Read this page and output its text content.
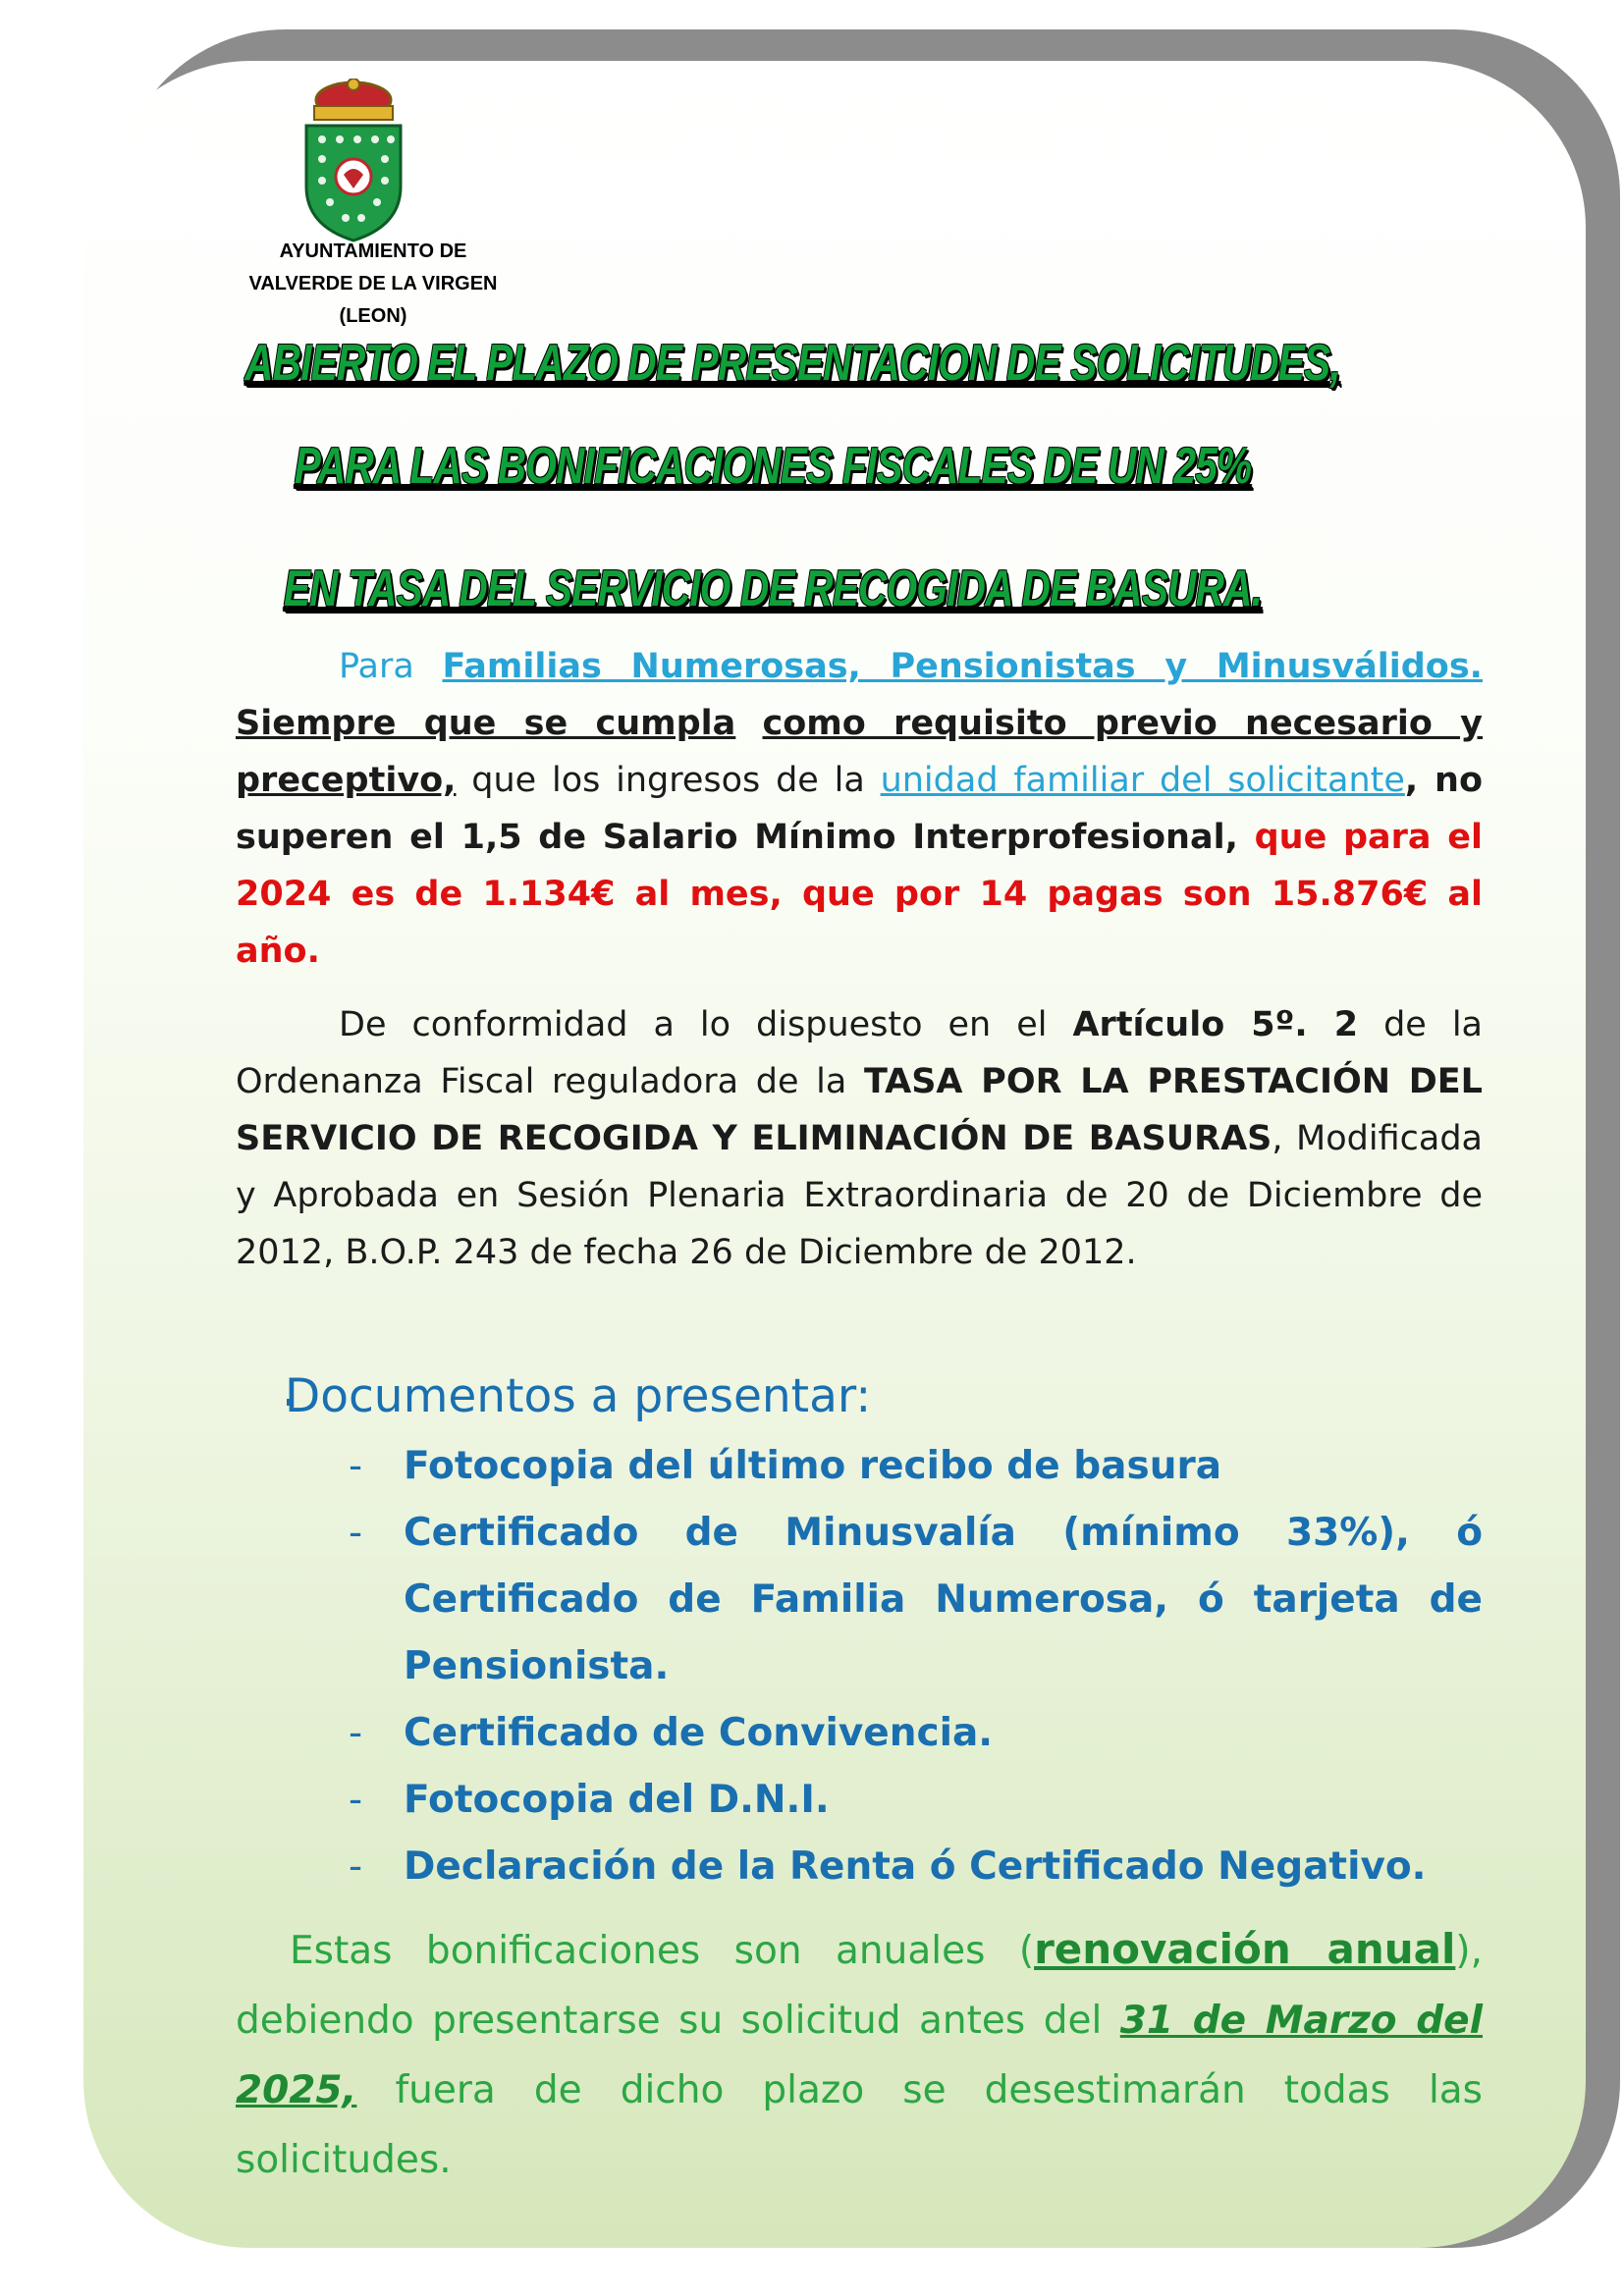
AYUNTAMIENTO DE
VALVERDE DE LA VIRGEN
(LEON)
ABIERTO EL PLAZO DE PRESENTACION DE SOLICITUDES,
PARA LAS BONIFICACIONES FISCALES DE UN 25%
EN TASA DEL SERVICIO DE RECOGIDA DE BASURA.
Para Familias Numerosas, Pensionistas y Minusválidos. Siempre que se cumpla como requisito previo necesario y preceptivo, que los ingresos de la unidad familiar del solicitante, no superen el 1,5 de Salario Mínimo Interprofesional, que para el 2024 es de 1.134€ al mes, que por 14 pagas son 15.876€ al año.
De conformidad a lo dispuesto en el Artículo 5º. 2 de la Ordenanza Fiscal reguladora de la TASA POR LA PRESTACIÓN DEL SERVICIO DE RECOGIDA Y ELIMINACIÓN DE BASURAS, Modificada y Aprobada en Sesión Plenaria Extraordinaria de 20 de Diciembre de 2012, B.O.P. 243 de fecha 26 de Diciembre de 2012.
Documentos a presentar:
-	Fotocopia del último recibo de basura
-	Certificado de Minusvalía (mínimo 33%), ó Certificado de Familia Numerosa, ó tarjeta de Pensionista.
-	Certificado de Convivencia.
-	Fotocopia del D.N.I.
-	Declaración de la Renta ó Certificado Negativo.
Estas bonificaciones son anuales (renovación anual), debiendo presentarse su solicitud antes del 31 de Marzo del 2025, fuera de dicho plazo se desestimarán todas las solicitudes.
